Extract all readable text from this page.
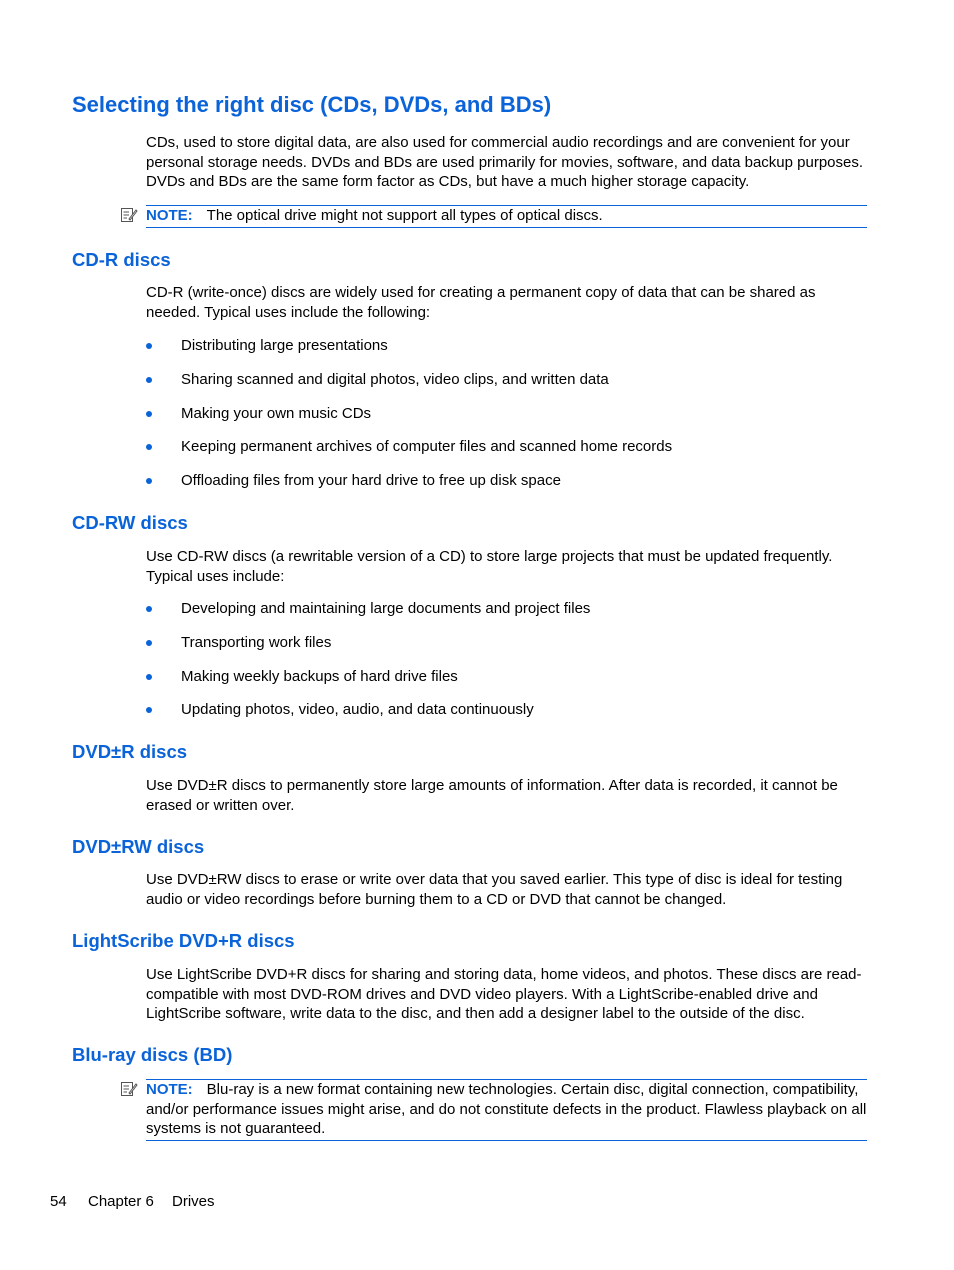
Selecting the right disc (CDs, DVDs, and BDs)

CDs, used to store digital data, are also used for commercial audio recordings and are convenient for your personal storage needs. DVDs and BDs are used primarily for movies, software, and data backup purposes. DVDs and BDs are the same form factor as CDs, but have a much higher storage capacity.

NOTE: The optical drive might not support all types of optical discs.
CD-R discs

CD-R (write-once) discs are widely used for creating a permanent copy of data that can be shared as needed. Typical uses include the following:

Distributing large presentations
Sharing scanned and digital photos, video clips, and written data
Making your own music CDs
Keeping permanent archives of computer files and scanned home records
Offloading files from your hard drive to free up disk space
CD-RW discs

Use CD-RW discs (a rewritable version of a CD) to store large projects that must be updated frequently. Typical uses include:

Developing and maintaining large documents and project files
Transporting work files
Making weekly backups of hard drive files
Updating photos, video, audio, and data continuously
DVD±R discs

Use DVD±R discs to permanently store large amounts of information. After data is recorded, it cannot be erased or written over.

DVD±RW discs

Use DVD±RW discs to erase or write over data that you saved earlier. This type of disc is ideal for testing audio or video recordings before burning them to a CD or DVD that cannot be changed.

LightScribe DVD+R discs

Use LightScribe DVD+R discs for sharing and storing data, home videos, and photos. These discs are read-compatible with most DVD-ROM drives and DVD video players. With a LightScribe-enabled drive and LightScribe software, write data to the disc, and then add a designer label to the outside of the disc.

Blu-ray discs (BD)
NOTE: Blu-ray is a new format containing new technologies. Certain disc, digital connection, compatibility, and/or performance issues might arise, and do not constitute defects in the product. Flawless playback on all systems is not guaranteed.
54 Chapter 6 Drives
